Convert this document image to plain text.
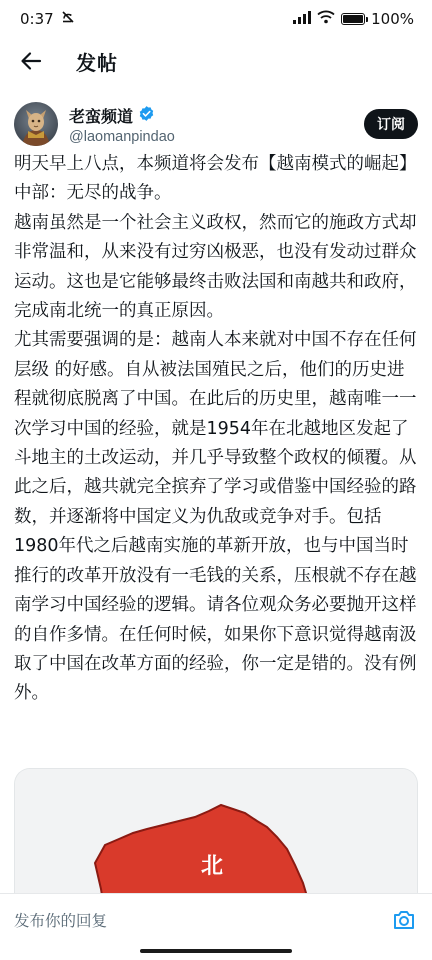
0:37	100%
发帖
老蛮频道
@laomanpindao
订阅

明天早上八点，本频道将会发布【越南模式的崛起】中部：无尽的战争。

越南虽然是一个社会主义政权，然而它的施政方式却非常温和，从来没有过穷凶极恶，也没有发动过群众运动。这也是它能够最终击败法国和南越共和政府，完成南北统一的真正原因。

尤其需要强调的是：越南人本来就对中国不存在任何层级 的好感。自从被法国殖民之后，他们的历史进程就彻底脱离了中国。在此后的历史里，越南唯一一次学习中国的经验，就是1954年在北越地区发起了斗地主的土改运动，并几乎导致整个政权的倾覆。从此之后，越共就完全摈弃了学习或借鉴中国经验的路数，并逐渐将中国定义为仇敌或竞争对手。包括1980年代之后越南实施的革新开放，也与中国当时推行的改革开放没有一毛钱的关系，压根就不存在越南学习中国经验的逻辑。请各位观众务必要抛开这样的自作多情。在任何时候，如果你下意识觉得越南汲取了中国在改革方面的经验，你一定是错的。没有例外。

北
发布你的回复
